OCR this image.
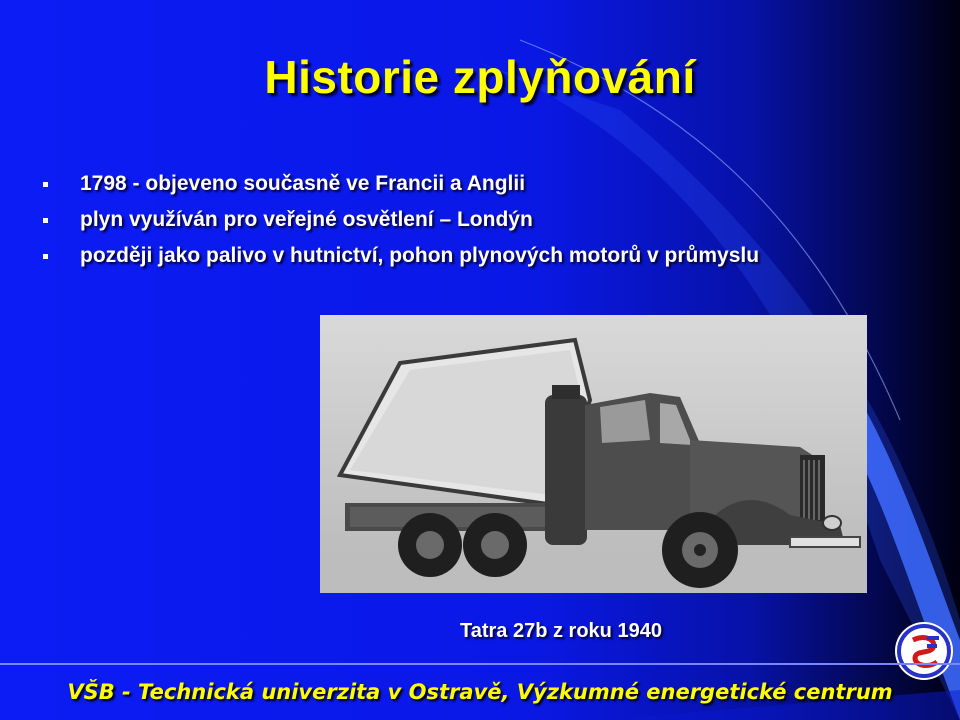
Historie zplyňování
1798 - objeveno současně ve Francii a Anglii
plyn využíván pro veřejné osvětlení – Londýn
později jako palivo v hutnictví, pohon plynových motorů v průmyslu
Tatra 27b z roku 1940
VŠB - Technická univerzita v Ostravě, Výzkumné energetické centrum
